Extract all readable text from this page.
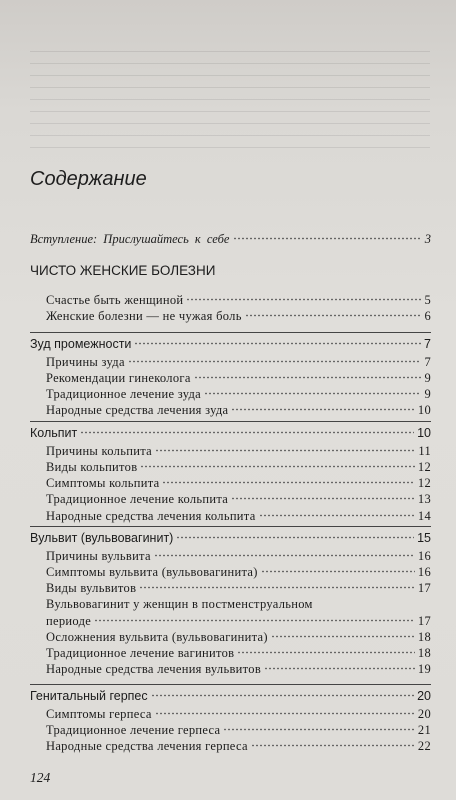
Содержание
Вступление: Прислушайтесь к себе	3
ЧИСТО ЖЕНСКИЕ БОЛЕЗНИ
Счастье быть женщиной	5
Женские болезни — не чужая боль	6
Зуд промежности	7
Причины зуда	7
Рекомендации гинеколога	9
Традиционное лечение зуда	9
Народные средства лечения зуда	10
Кольпит	10
Причины кольпита	11
Виды кольпитов	12
Симптомы кольпита	12
Традиционное лечение кольпита	13
Народные средства лечения кольпита	14
Вульвит (вульвовагинит)	15
Причины вульвита	16
Симптомы вульвита (вульвовагинита)	16
Виды вульвитов	17
Вульвовагинит у женщин в постменструальном
периоде	17
Осложнения вульвита (вульвовагинита)	18
Традиционное лечение вагинитов	18
Народные средства лечения вульвитов	19
Генитальный герпес	20
Симптомы герпеса	20
Традиционное лечение герпеса	21
Народные средства лечения герпеса	22
124
